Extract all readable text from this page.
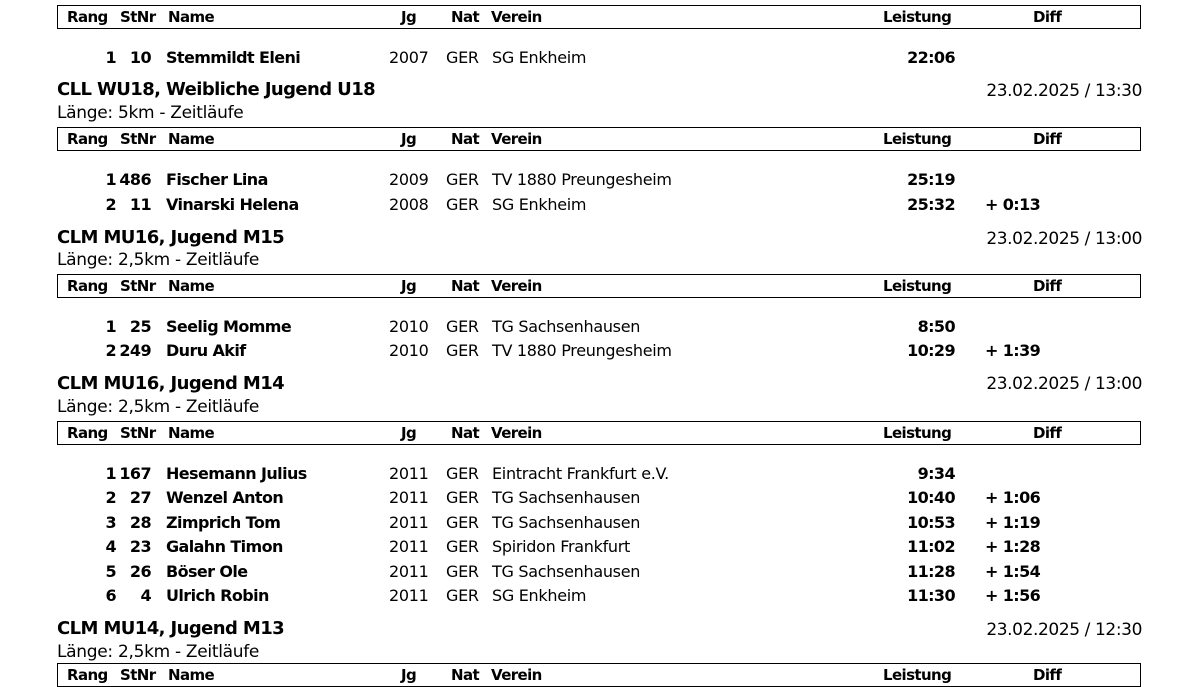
Rang StNr Name	Jg Nat Verein	Leistung	Diff
1 10 Stemmildt Eleni	2007 GER SG Enkheim	22:06
CLL WU18, Weibliche Jugend U18	23.02.2025 / 13:30
Länge: 5km - Zeitläufe
Rang StNr Name	Jg Nat Verein	Leistung	Diff
1 486 Fischer Lina	2009 GER TV 1880 Preungesheim	25:19
2 11 Vinarski Helena	2008 GER SG Enkheim	25:32 + 0:13
CLM MU16, Jugend M15	23.02.2025 / 13:00
Länge: 2,5km - Zeitläufe
Rang StNr Name	Jg Nat Verein	Leistung	Diff
1 25 Seelig Momme	2010 GER TG Sachsenhausen	8:50
2 249 Duru Akif	2010 GER TV 1880 Preungesheim	10:29 + 1:39
CLM MU16, Jugend M14	23.02.2025 / 13:00
Länge: 2,5km - Zeitläufe
Rang StNr Name	Jg Nat Verein	Leistung	Diff
1 167 Hesemann Julius	2011 GER Eintracht Frankfurt e.V.	9:34
2 27 Wenzel Anton	2011 GER TG Sachsenhausen	10:40 + 1:06
3 28 Zimprich Tom	2011 GER TG Sachsenhausen	10:53 + 1:19
4 23 Galahn Timon	2011 GER Spiridon Frankfurt	11:02 + 1:28
5 26 Böser Ole	2011 GER TG Sachsenhausen	11:28 + 1:54
6	4 Ulrich Robin	2011 GER SG Enkheim	11:30 + 1:56
CLM MU14, Jugend M13	23.02.2025 / 12:30
Länge: 2,5km - Zeitläufe
Rang StNr Name	Jg Nat Verein	Leistung	Diff
